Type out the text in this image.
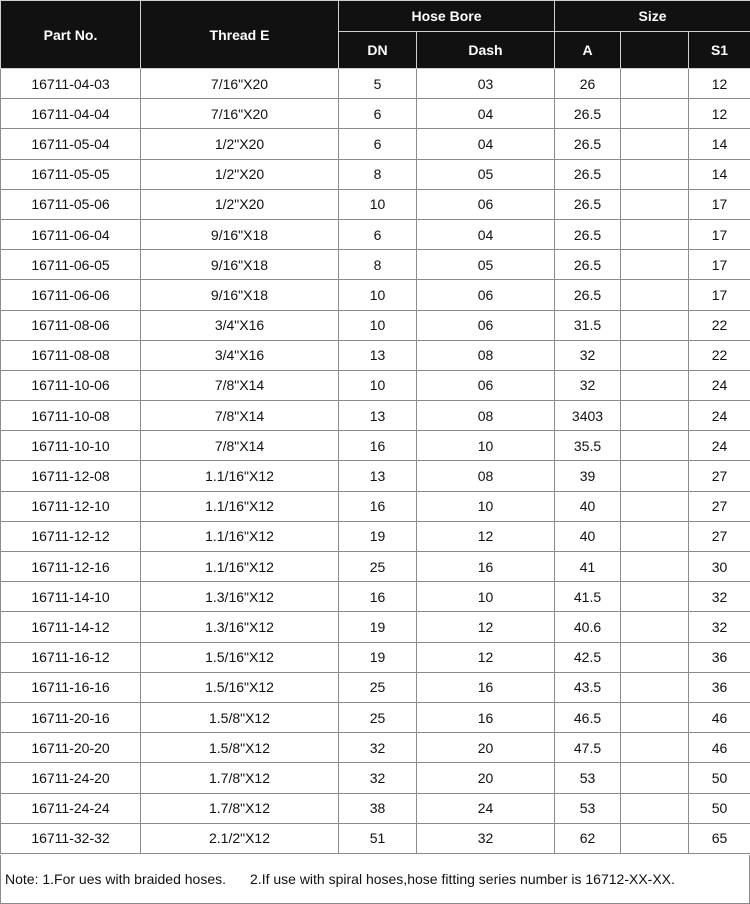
Part No.	Thread E	Hose Bore		Size		
		DN	Dash	A		S1
16711-04-03	7/16"X20	5	03	26		12
16711-04-04	7/16"X20	6	04	26.5		12
16711-05-04	1/2"X20	6	04	26.5		14
16711-05-05	1/2"X20	8	05	26.5		14
16711-05-06	1/2"X20	10	06	26.5		17
16711-06-04	9/16"X18	6	04	26.5		17
16711-06-05	9/16"X18	8	05	26.5		17
16711-06-06	9/16"X18	10	06	26.5		17
16711-08-06	3/4"X16	10	06	31.5		22
16711-08-08	3/4"X16	13	08	32		22
16711-10-06	7/8"X14	10	06	32		24
16711-10-08	7/8"X14	13	08	3403		24
16711-10-10	7/8"X14	16	10	35.5		24
16711-12-08	1.1/16"X12	13	08	39		27
16711-12-10	1.1/16"X12	16	10	40		27
16711-12-12	1.1/16"X12	19	12	40		27
16711-12-16	1.1/16"X12	25	16	41		30
16711-14-10	1.3/16"X12	16	10	41.5		32
16711-14-12	1.3/16"X12	19	12	40.6		32
16711-16-12	1.5/16"X12	19	12	42.5		36
16711-16-16	1.5/16"X12	25	16	43.5		36
16711-20-16	1.5/8"X12	25	16	46.5		46
16711-20-20	1.5/8"X12	32	20	47.5		46
16711-24-20	1.7/8"X12	32	20	53		50
16711-24-24	1.7/8"X12	38	24	53		50
16711-32-32	2.1/2"X12	51	32	62		65
Note: 1.For ues with braided hoses. 2.If use with spiral hoses,hose fitting series number is 16712-XX-XX.
